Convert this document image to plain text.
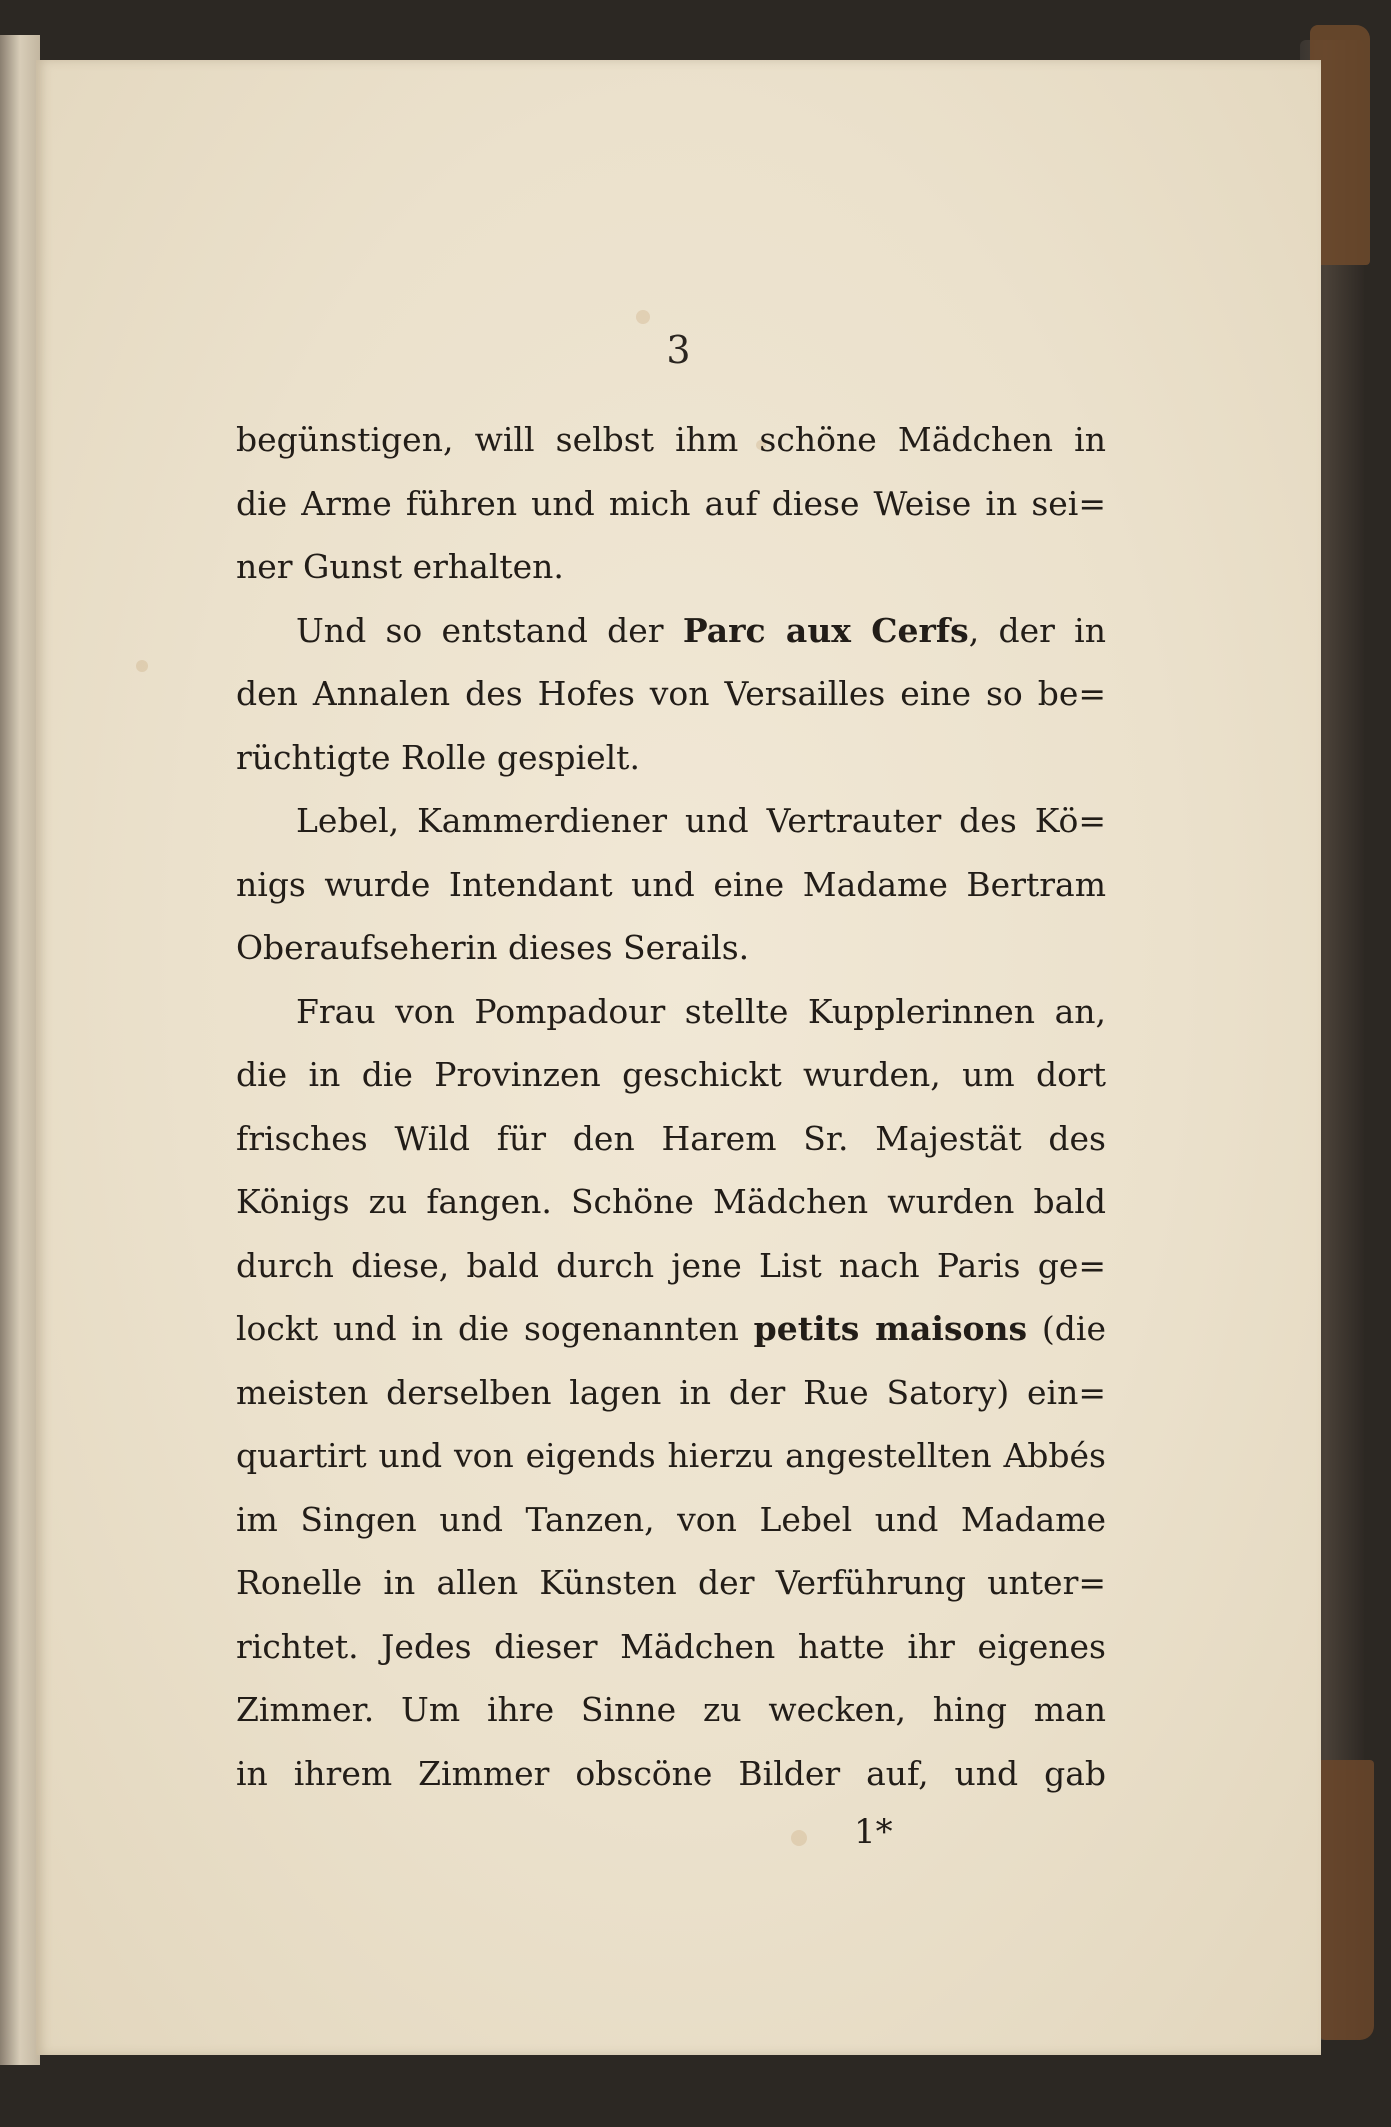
3
begünstigen, will selbst ihm schöne Mädchen in
die Arme führen und mich auf diese Weise in sei=
ner Gunst erhalten.
Und so entstand der Parc aux Cerfs, der in
den Annalen des Hofes von Versailles eine so be=
rüchtigte Rolle gespielt.
Lebel, Kammerdiener und Vertrauter des Kö=
nigs wurde Intendant und eine Madame Bertram
Oberaufseherin dieses Serails.
Frau von Pompadour stellte Kupplerinnen an,
die in die Provinzen geschickt wurden, um dort
frisches Wild für den Harem Sr. Majestät des
Königs zu fangen. Schöne Mädchen wurden bald
durch diese, bald durch jene List nach Paris ge=
lockt und in die sogenannten petits maisons (die
meisten derselben lagen in der Rue Satory) ein=
quartirt und von eigends hierzu angestellten Abbés
im Singen und Tanzen, von Lebel und Madame
Ronelle in allen Künsten der Verführung unter=
richtet. Jedes dieser Mädchen hatte ihr eigenes
Zimmer. Um ihre Sinne zu wecken, hing man
in ihrem Zimmer obscöne Bilder auf, und gab
1*
